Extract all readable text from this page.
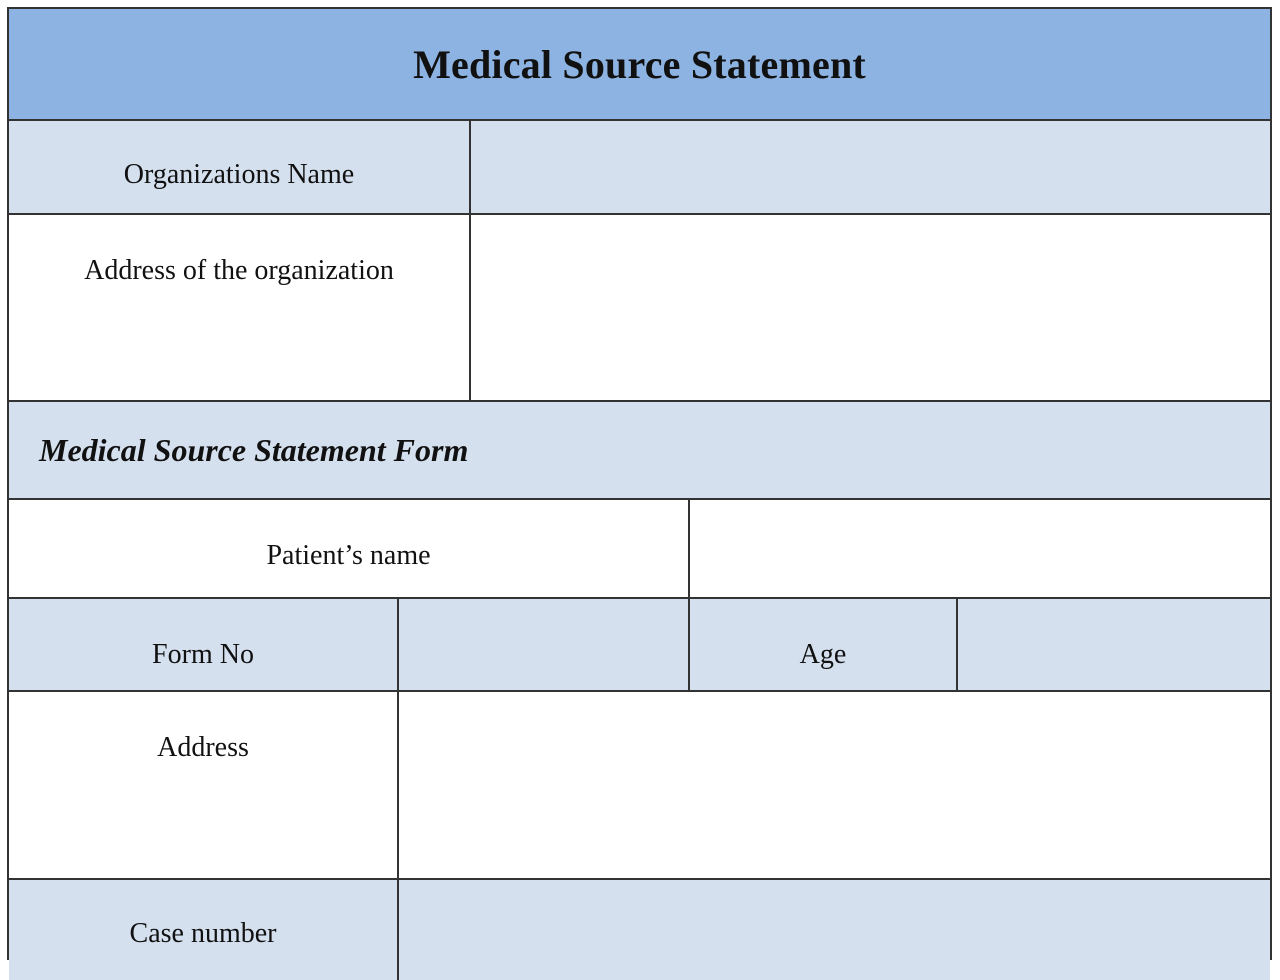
Medical Source Statement
Organizations Name
Address of the organization
Medical Source Statement Form
Patient’s name
Form No	Age
Address
Case number
